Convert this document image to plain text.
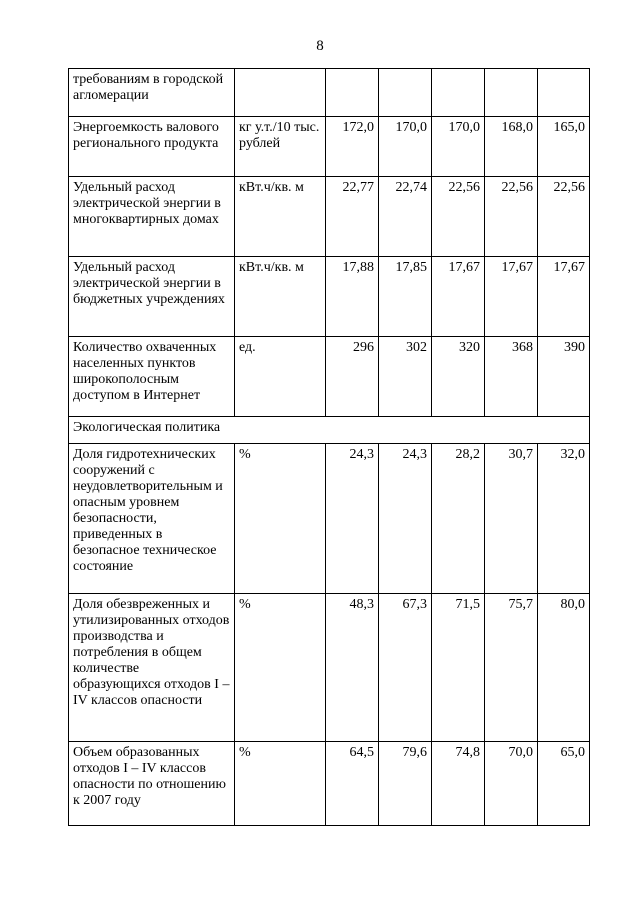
8
требованиям в городской агломерации						
Энергоемкость валового регионального продукта	кг у.т./10 тыс. рублей	172,0	170,0	170,0	168,0	165,0
Удельный расход электрической энергии в многоквартирных домах	кВт.ч/кв. м	22,77	22,74	22,56	22,56	22,56
Удельный расход электрической энергии в бюджетных учреждениях	кВт.ч/кв. м	17,88	17,85	17,67	17,67	17,67
Количество охваченных населенных пунктов широкополосным доступом в Интернет	ед.	296	302	320	368	390
Экологическая политика						
Доля гидротехнических сооружений с неудовлетворительным и опасным уровнем безопасности, приведенных в безопасное техническое состояние	%	24,3	24,3	28,2	30,7	32,0
Доля обезвреженных и утилизированных отходов производства и потребления в общем количестве образующихся отходов I – IV классов опасности	%	48,3	67,3	71,5	75,7	80,0
Объем образованных отходов I – IV классов опасности по отношению к 2007 году	%	64,5	79,6	74,8	70,0	65,0
